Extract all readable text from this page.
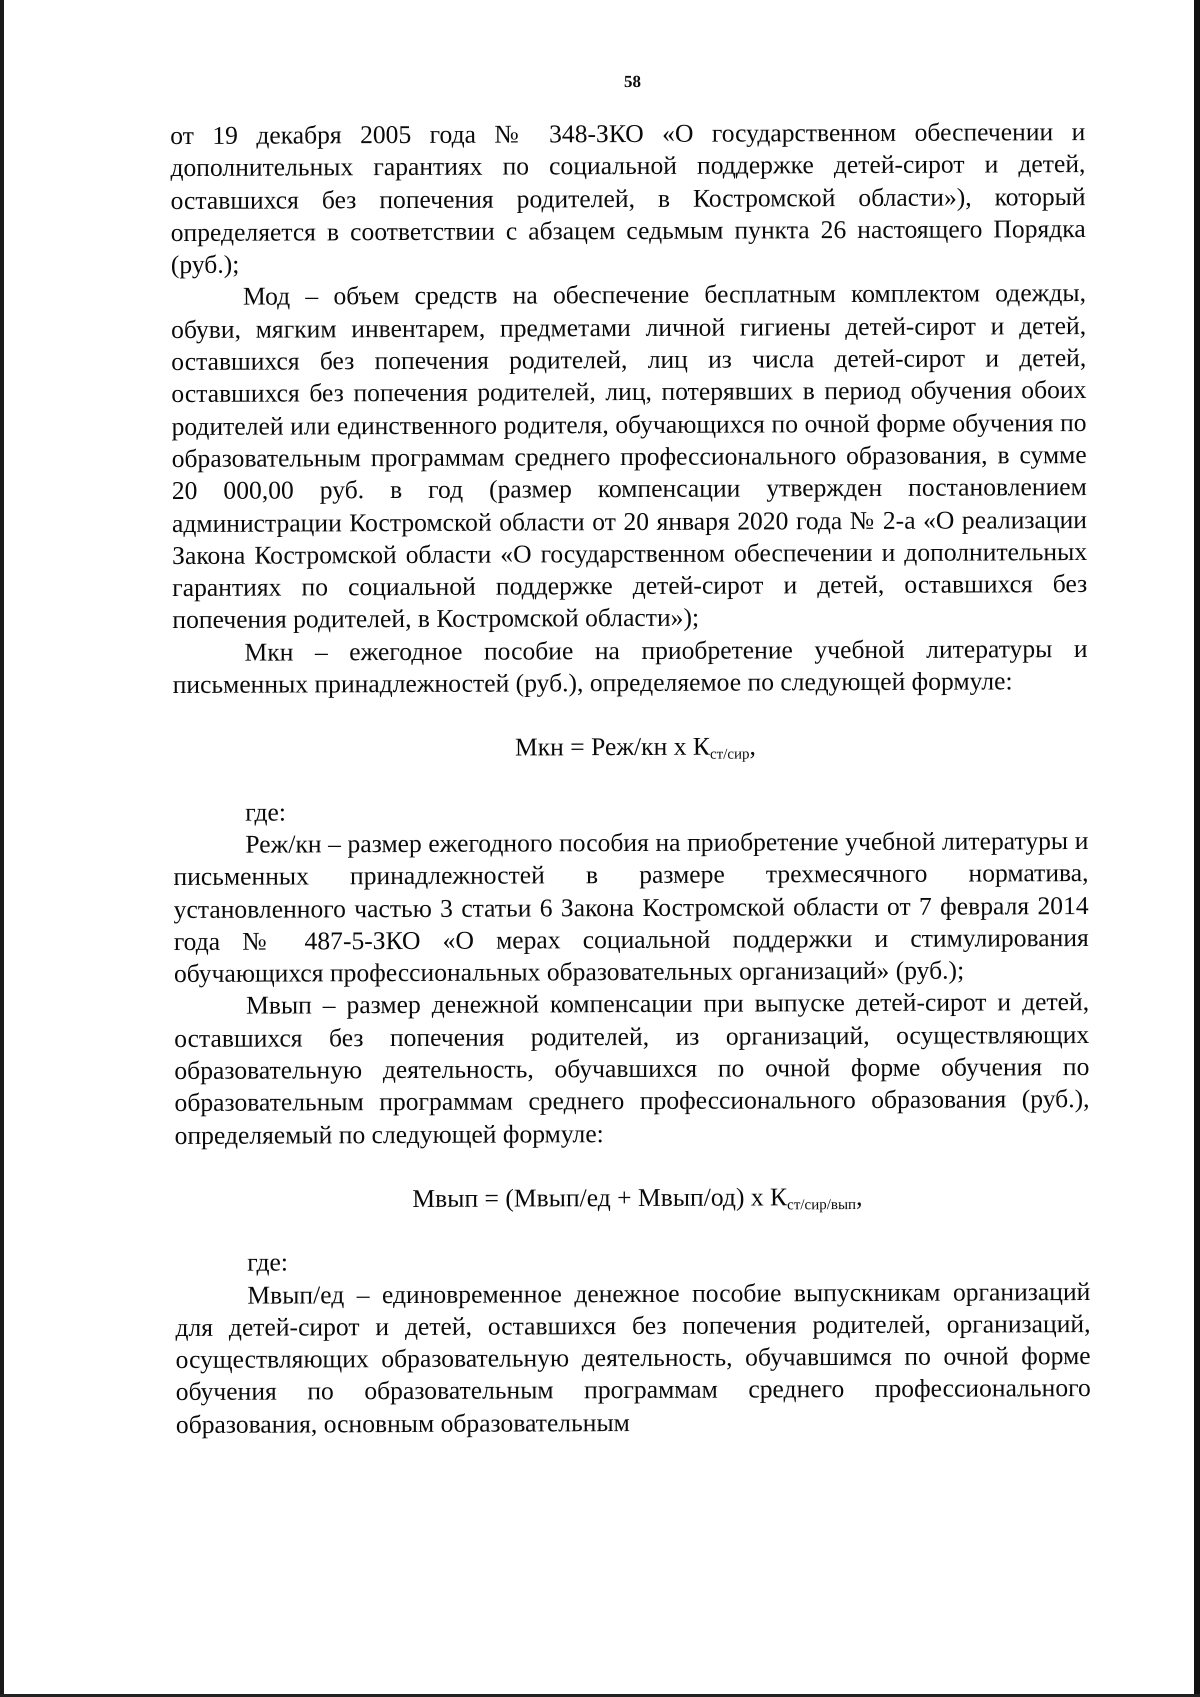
58

от 19 декабря 2005 года № 348-ЗКО «О государственном обеспечении и дополнительных гарантиях по социальной поддержке детей-сирот и детей, оставшихся без попечения родителей, в Костромской области»), который определяется в соответствии с абзацем седьмым пункта 26 настоящего Порядка (руб.);

Мод – объем средств на обеспечение бесплатным комплектом одежды, обуви, мягким инвентарем, предметами личной гигиены детей-сирот и детей, оставшихся без попечения родителей, лиц из числа детей-сирот и детей, оставшихся без попечения родителей, лиц, потерявших в период обучения обоих родителей или единственного родителя, обучающихся по очной форме обучения по образовательным программам среднего профессионального образования, в сумме 20 000,00 руб. в год (размер компенсации утвержден постановлением администрации Костромской области от 20 января 2020 года № 2-а «О реализации Закона Костромской области «О государственном обеспечении и дополнительных гарантиях по социальной поддержке детей-сирот и детей, оставшихся без попечения родителей, в Костромской области»);

Мкн – ежегодное пособие на приобретение учебной литературы и письменных принадлежностей (руб.), определяемое по следующей формуле:

Мкн = Реж/кн х $К_{ст/сир}$,

где:

Реж/кн – размер ежегодного пособия на приобретение учебной литературы и письменных принадлежностей в размере трехмесячного норматива, установленного частью 3 статьи 6 Закона Костромской области от 7 февраля 2014 года № 487-5-ЗКО «О мерах социальной поддержки и стимулирования обучающихся профессиональных образовательных организаций» (руб.);

Мвып – размер денежной компенсации при выпуске детей-сирот и детей, оставшихся без попечения родителей, из организаций, осуществляющих образовательную деятельность, обучавшихся по очной форме обучения по образовательным программам среднего профессионального образования (руб.), определяемый по следующей формуле:

Мвып = (Мвып/ед + Мвып/од) х $К_{ст/сир/вып}$,

где:

Мвып/ед – единовременное денежное пособие выпускникам организаций для детей-сирот и детей, оставшихся без попечения родителей, организаций, осуществляющих образовательную деятельность, обучавшимся по очной форме обучения по образовательным программам среднего профессионального образования, основным образовательным
